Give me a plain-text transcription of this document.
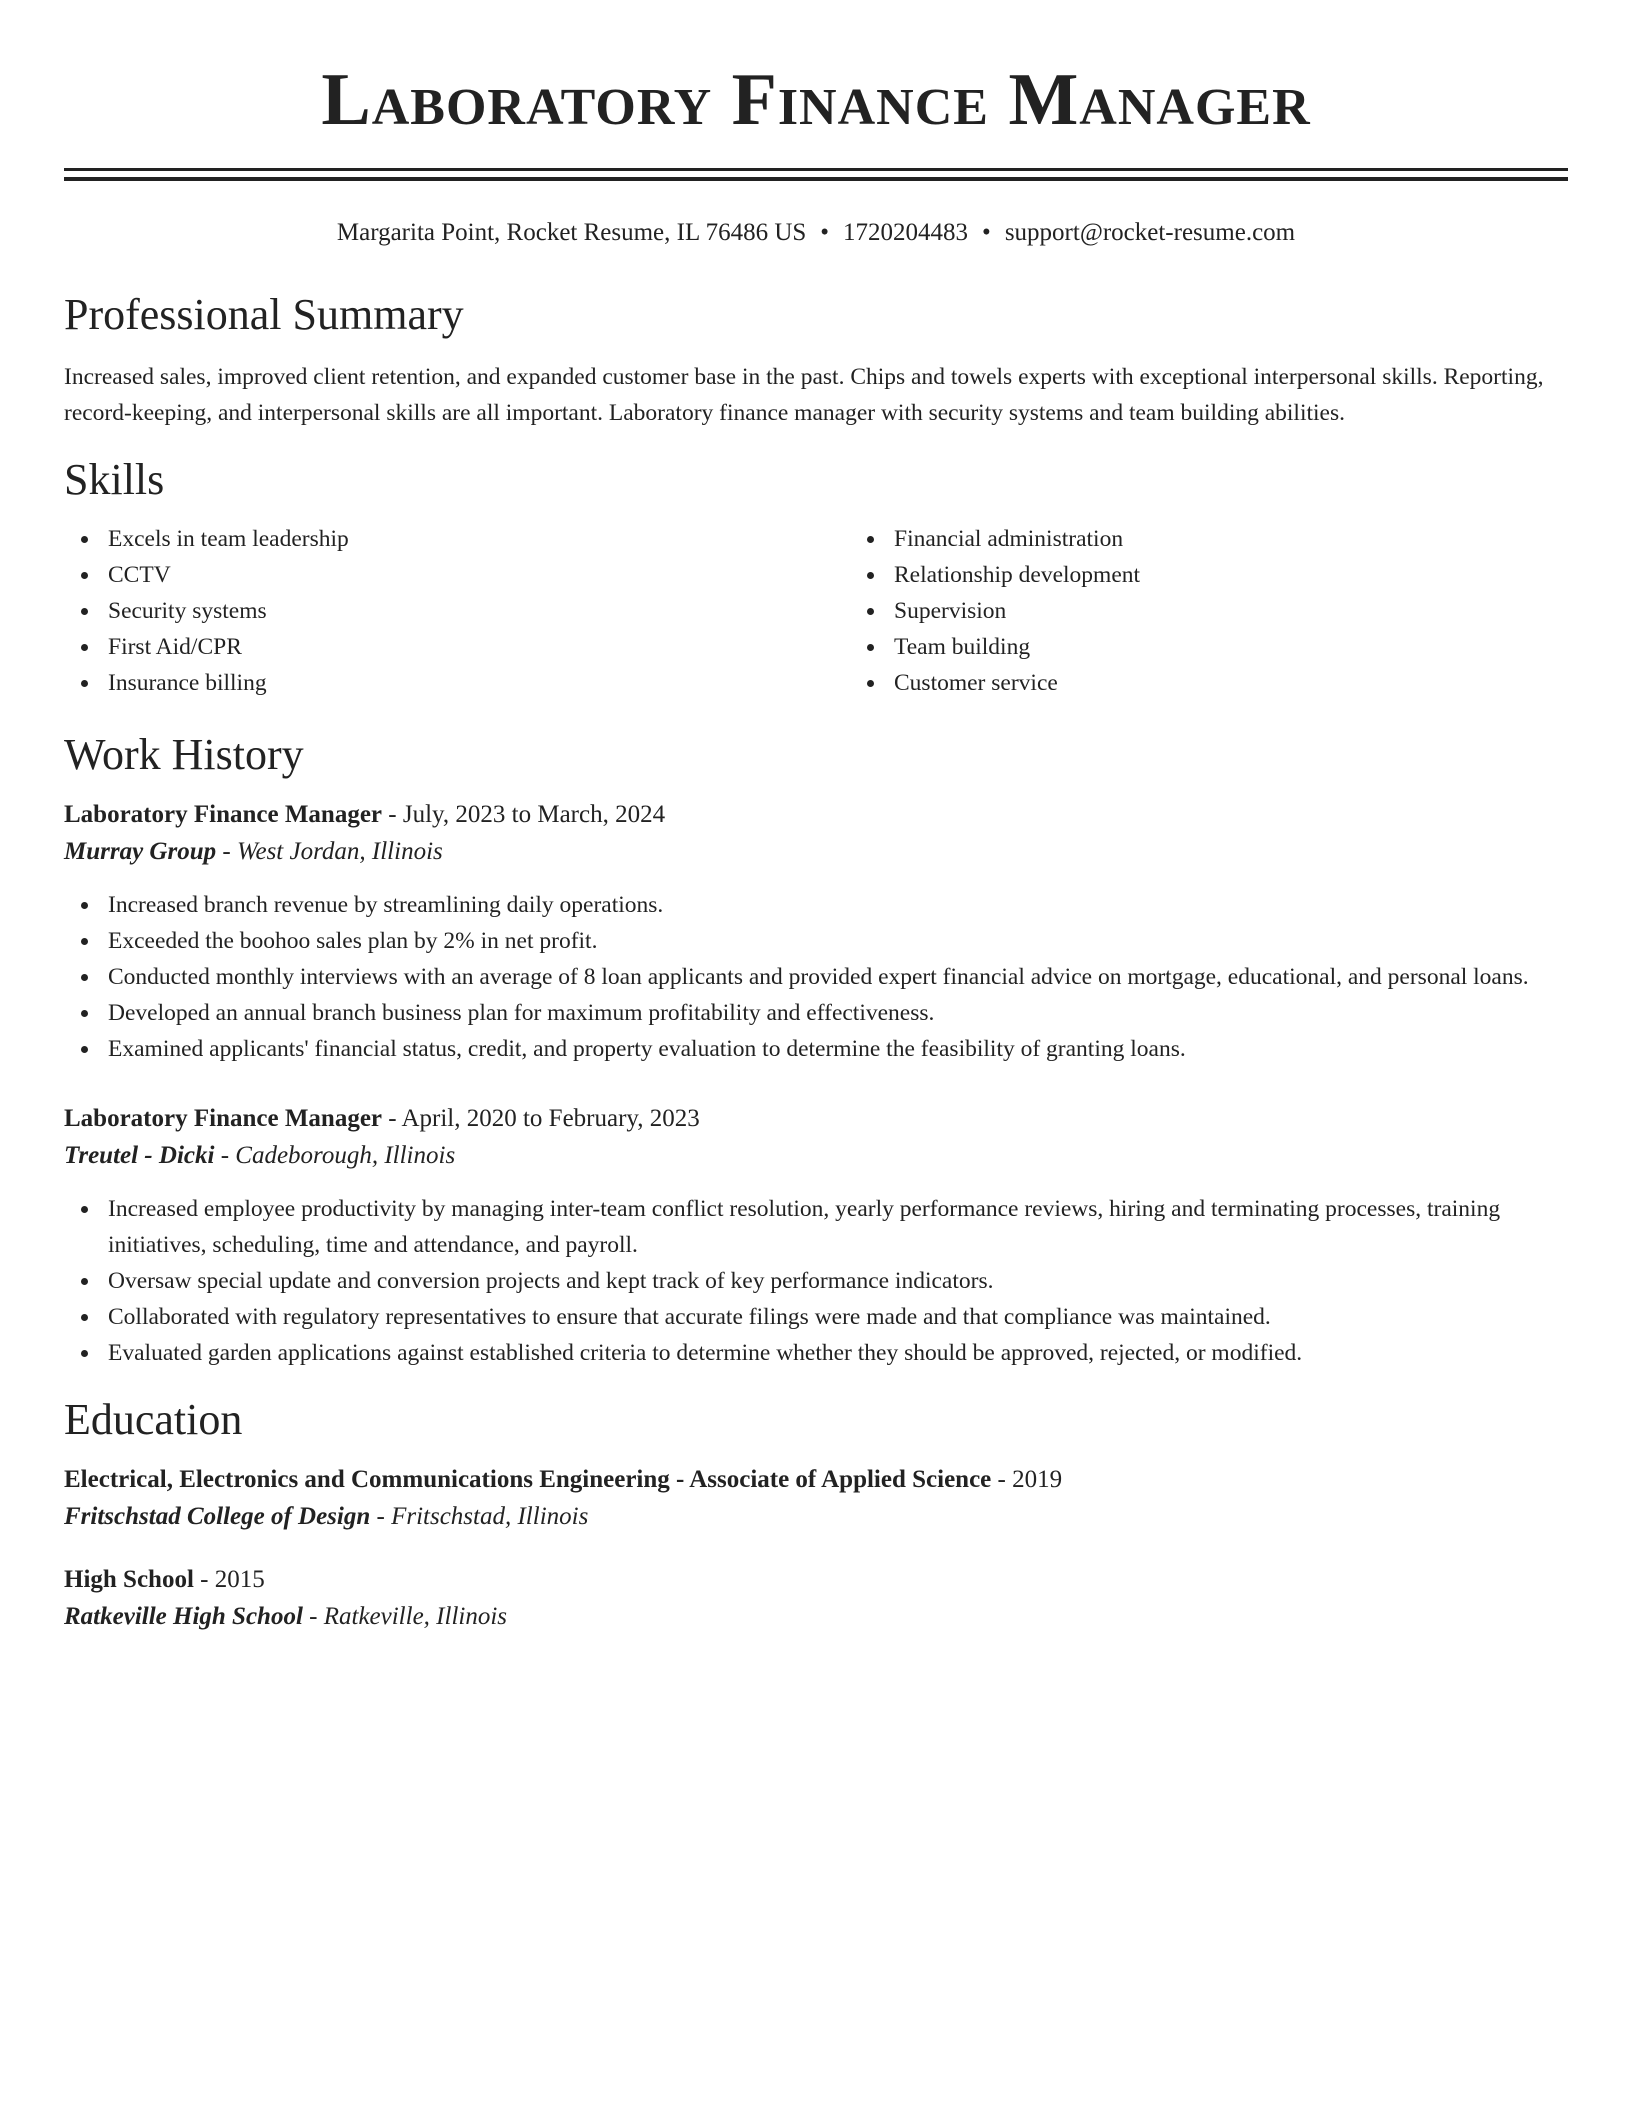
Laboratory Finance Manager
Margarita Point, Rocket Resume, IL 76486 US • 1720204483 • support@rocket-resume.com
Professional Summary

Increased sales, improved client retention, and expanded customer base in the past. Chips and towels experts with exceptional interpersonal skills. Reporting, record-keeping, and interpersonal skills are all important. Laboratory finance manager with security systems and team building abilities.

Skills
Excels in team leadership
CCTV
Security systems
First Aid/CPR
Insurance billing
Financial administration
Relationship development
Supervision
Team building
Customer service
Work History

Laboratory Finance Manager - July, 2023 to March, 2024

Murray Group - West Jordan, Illinois

Increased branch revenue by streamlining daily operations.
Exceeded the boohoo sales plan by 2% in net profit.
Conducted monthly interviews with an average of 8 loan applicants and provided expert financial advice on mortgage, educational, and personal loans.
Developed an annual branch business plan for maximum profitability and effectiveness.
Examined applicants' financial status, credit, and property evaluation to determine the feasibility of granting loans.

Laboratory Finance Manager - April, 2020 to February, 2023

Treutel - Dicki - Cadeborough, Illinois

Increased employee productivity by managing inter-team conflict resolution, yearly performance reviews, hiring and terminating processes, training initiatives, scheduling, time and attendance, and payroll.
Oversaw special update and conversion projects and kept track of key performance indicators.
Collaborated with regulatory representatives to ensure that accurate filings were made and that compliance was maintained.
Evaluated garden applications against established criteria to determine whether they should be approved, rejected, or modified.
Education

Electrical, Electronics and Communications Engineering - Associate of Applied Science - 2019

Fritschstad College of Design - Fritschstad, Illinois

High School - 2015

Ratkeville High School - Ratkeville, Illinois
